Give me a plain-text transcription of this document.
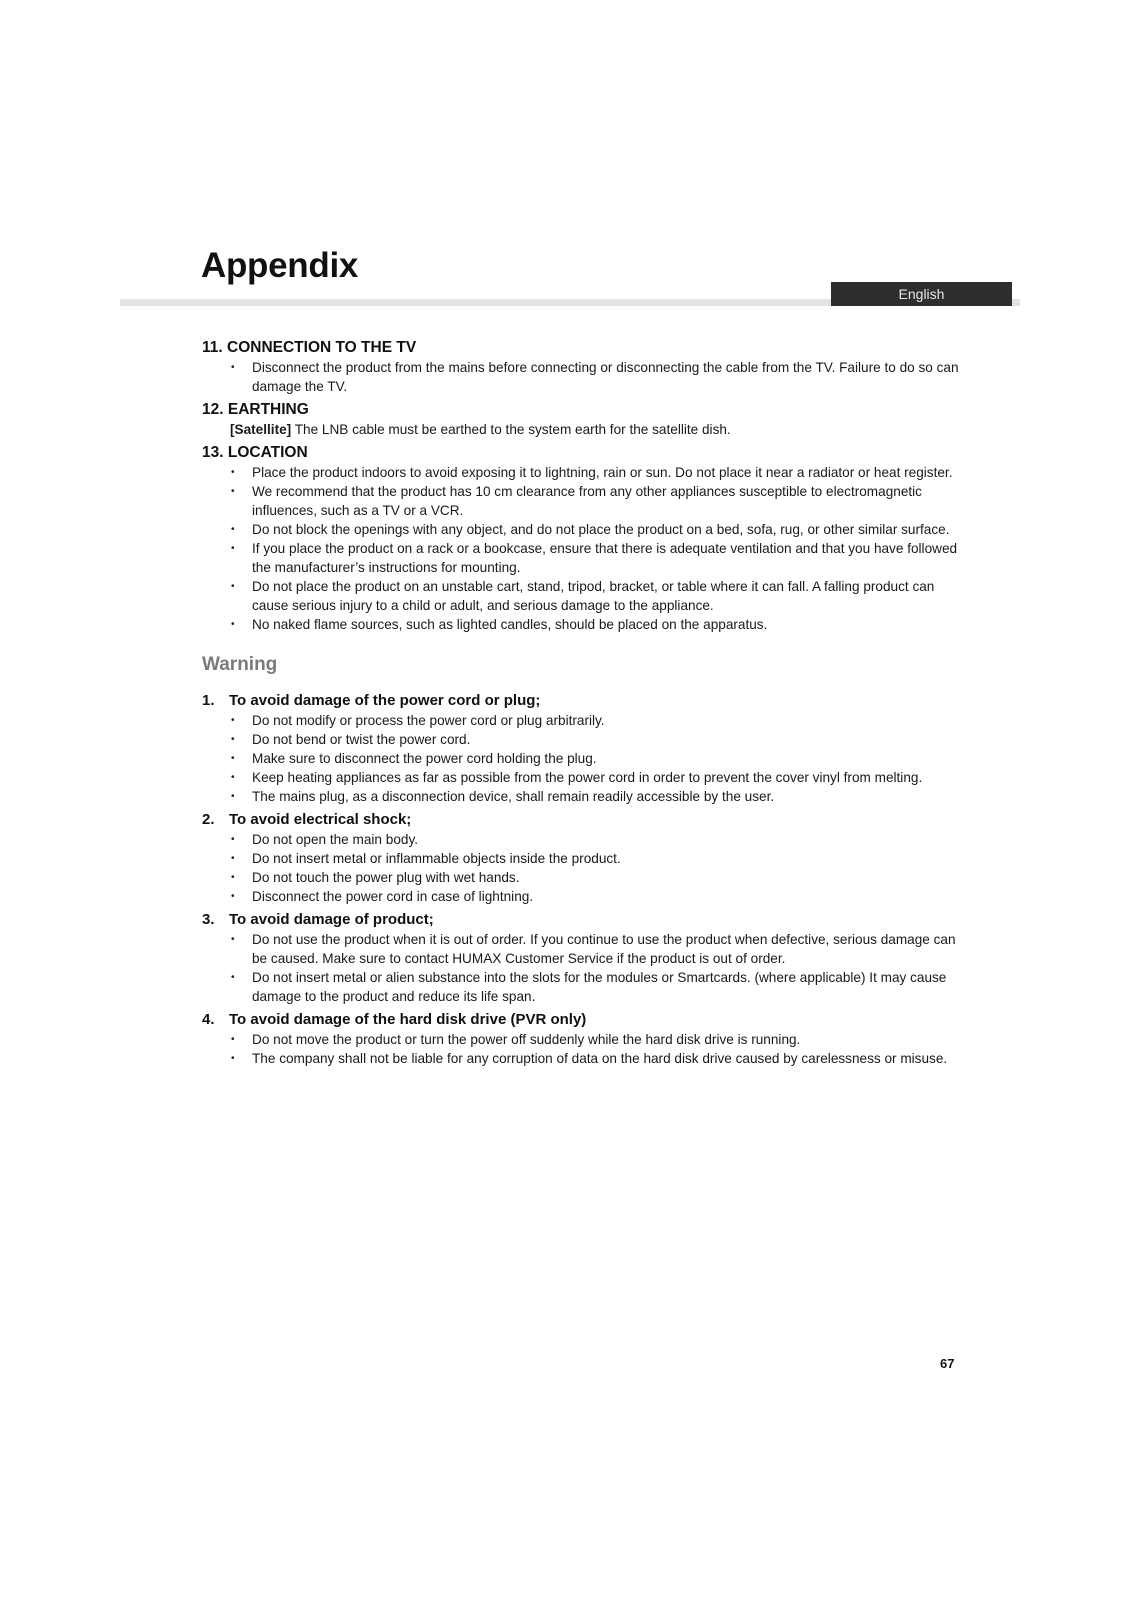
Appendix
English
11. CONNECTION TO THE TV
• Disconnect the product from the mains before connecting or disconnecting the cable from the TV. Failure to do so can damage the TV.
12. EARTHING

[Satellite] The LNB cable must be earthed to the system earth for the satellite dish.

13. LOCATION
• Place the product indoors to avoid exposing it to lightning, rain or sun. Do not place it near a radiator or heat register.
• We recommend that the product has 10 cm clearance from any other appliances susceptible to electromagnetic influences, such as a TV or a VCR.
• Do not block the openings with any object, and do not place the product on a bed, sofa, rug, or other similar surface.
• If you place the product on a rack or a bookcase, ensure that there is adequate ventilation and that you have followed the manufacturer’s instructions for mounting.
• Do not place the product on an unstable cart, stand, tripod, bracket, or table where it can fall. A falling product can cause serious injury to a child or adult, and serious damage to the appliance.
• No naked flame sources, such as lighted candles, should be placed on the apparatus.
Warning
1. To avoid damage of the power cord or plug;
• Do not modify or process the power cord or plug arbitrarily.
• Do not bend or twist the power cord.
• Make sure to disconnect the power cord holding the plug.
• Keep heating appliances as far as possible from the power cord in order to prevent the cover vinyl from melting.
• The mains plug, as a disconnection device, shall remain readily accessible by the user.
2. To avoid electrical shock;
• Do not open the main body.
• Do not insert metal or inflammable objects inside the product.
• Do not touch the power plug with wet hands.
• Disconnect the power cord in case of lightning.
3. To avoid damage of product;
• Do not use the product when it is out of order. If you continue to use the product when defective, serious damage can be caused. Make sure to contact HUMAX Customer Service if the product is out of order.
• Do not insert metal or alien substance into the slots for the modules or Smartcards. (where applicable) It may cause damage to the product and reduce its life span.
4. To avoid damage of the hard disk drive (PVR only)
• Do not move the product or turn the power off suddenly while the hard disk drive is running.
• The company shall not be liable for any corruption of data on the hard disk drive caused by carelessness or misuse.
67
